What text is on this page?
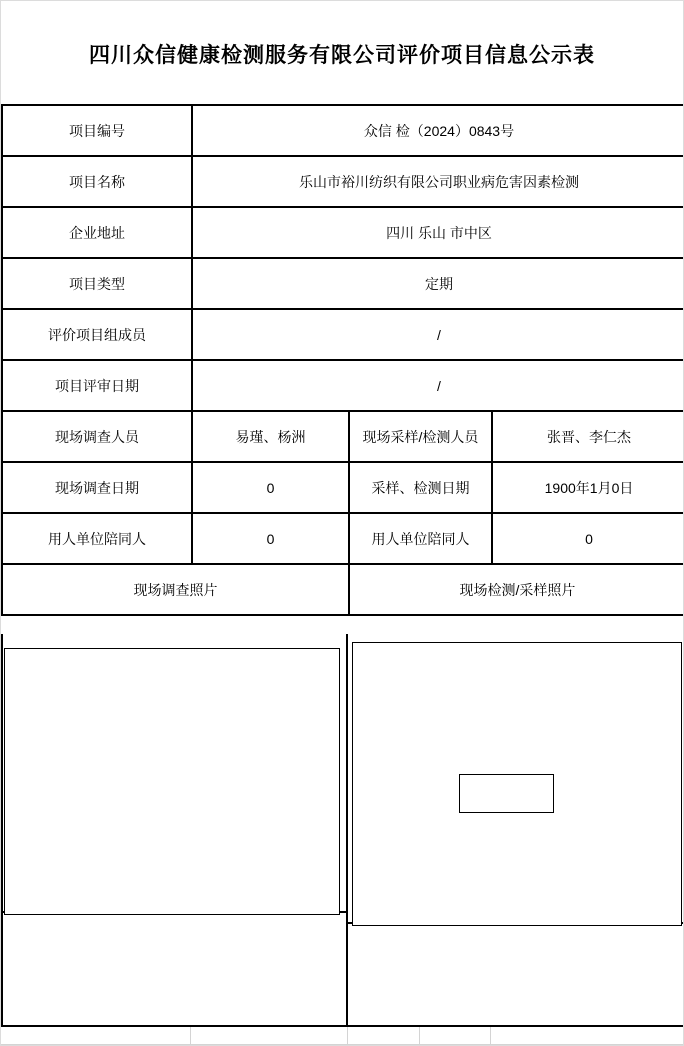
四川众信健康检测服务有限公司评价项目信息公示表
项目编号	众信 检（2024）0843号		
项目名称	乐山市裕川纺织有限公司职业病危害因素检测		
企业地址	四川 乐山 市中区		
项目类型	定期		
评价项目组成员	/		
项目评审日期	/		
现场调查人员	易瑾、杨洲	现场采样/检测人员	张晋、李仁杰
现场调查日期	0	采样、检测日期	1900年1月0日
用人单位陪同人	0	用人单位陪同人	0
现场调查照片		现场检测/采样照片	
